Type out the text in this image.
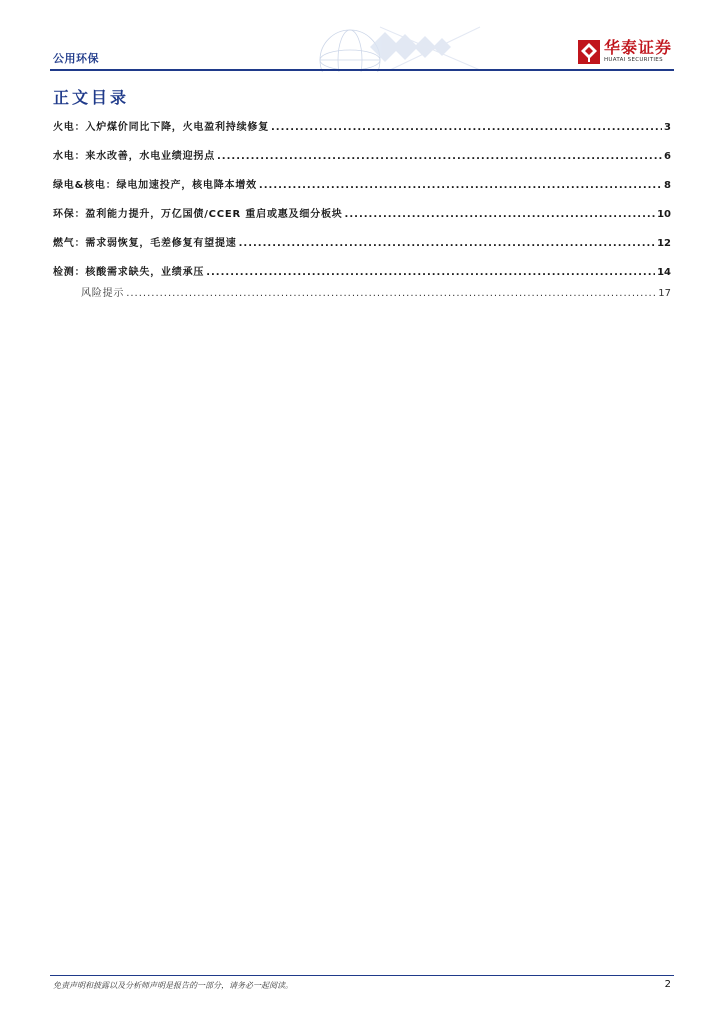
公用环保
华泰证券
HUATAI SECURITIES
正文目录
火电：入炉煤价同比下降，火电盈利持续修复 .....	3
水电：来水改善，水电业绩迎拐点 .....	6
绿电&核电：绿电加速投产，核电降本增效 .....	8
环保：盈利能力提升，万亿国债/CCER 重启或惠及细分板块 .....	10
燃气：需求弱恢复，毛差修复有望提速 .....	12
检测：核酸需求缺失，业绩承压 .....	14
风险提示 .....	17
免责声明和披露以及分析师声明是报告的一部分，请务必一起阅读。	2
